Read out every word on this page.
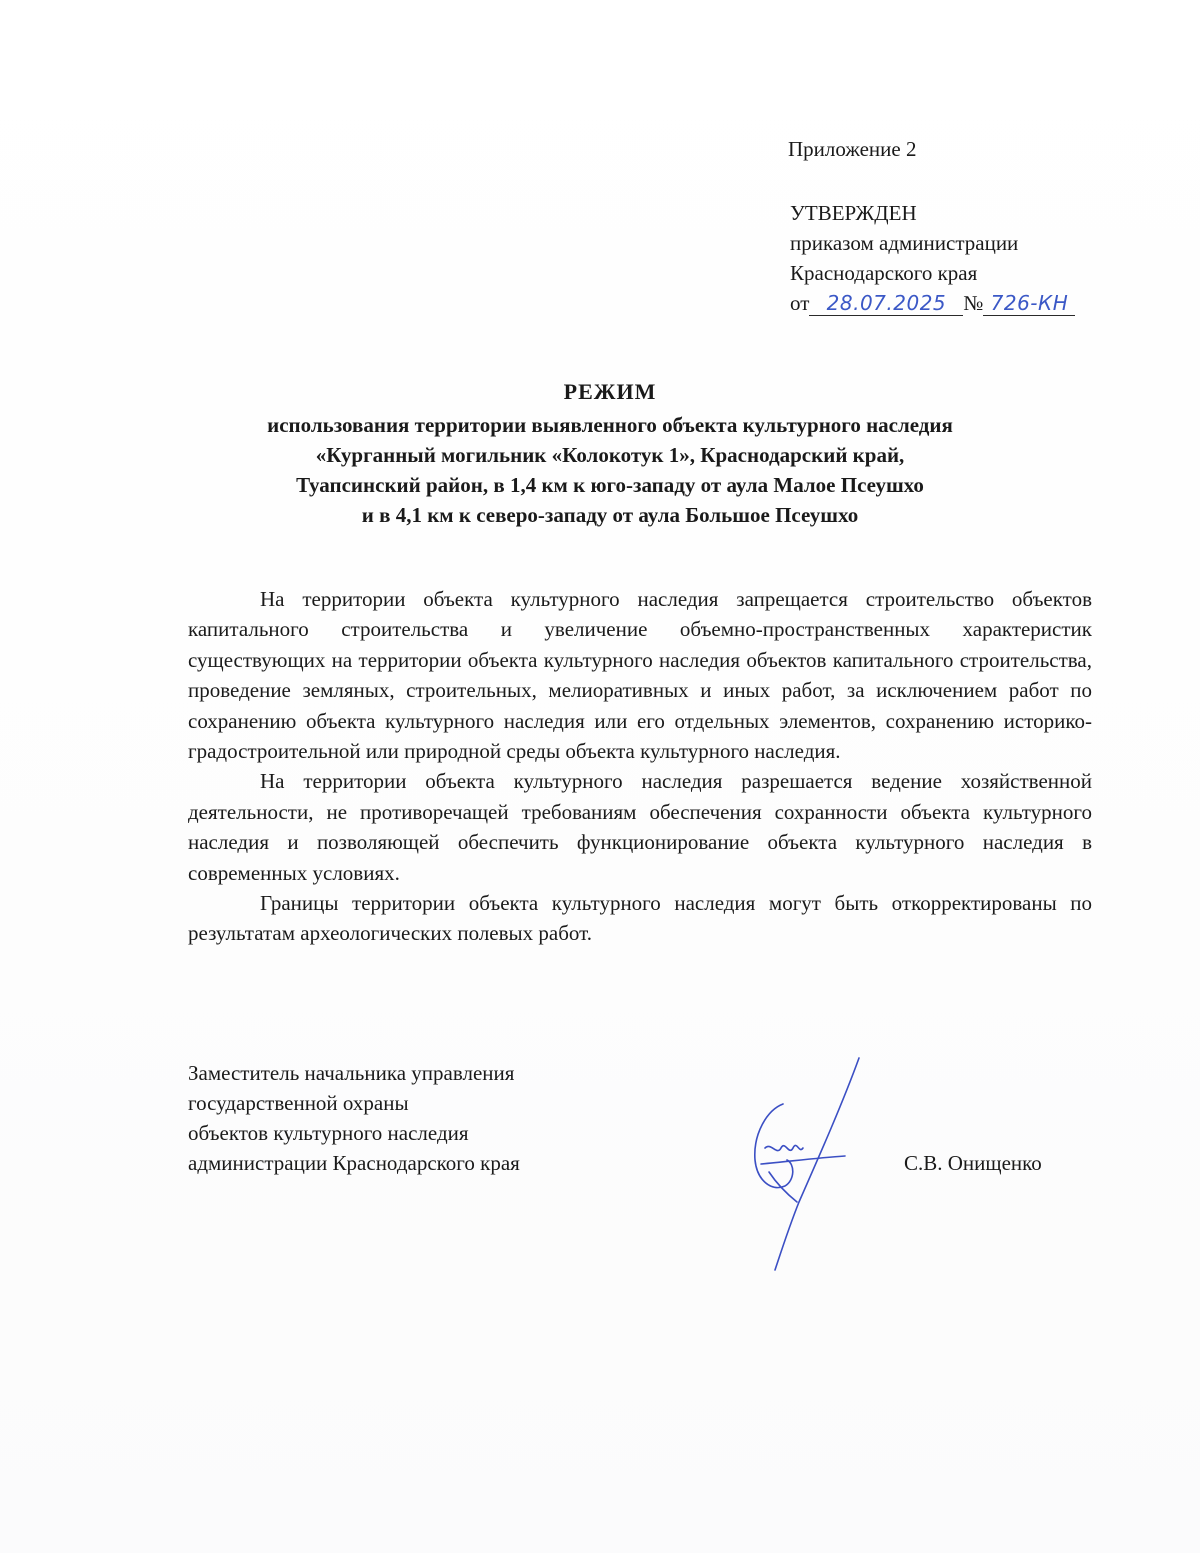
Приложение 2
УТВЕРЖДЕН
приказом администрации
Краснодарского края
от 28.07.2025 № 726-КН
РЕЖИМ
использования территории выявленного объекта культурного наследия
«Курганный могильник «Колокотук 1», Краснодарский край,
Туапсинский район, в 1,4 км к юго-западу от аула Малое Псеушхо
и в 4,1 км к северо-западу от аула Большое Псеушхо

На территории объекта культурного наследия запрещается строительство объектов капитального строительства и увеличение объемно-пространственных характеристик существующих на территории объекта культурного наследия объектов капитального строительства, проведение земляных, строительных, мелиоративных и иных работ, за исключением работ по сохранению объекта культурного наследия или его отдельных элементов, сохранению историко-градостроительной или природной среды объекта культурного наследия.

На территории объекта культурного наследия разрешается ведение хозяйственной деятельности, не противоречащей требованиям обеспечения сохранности объекта культурного наследия и позволяющей обеспечить функционирование объекта культурного наследия в современных условиях.

Границы территории объекта культурного наследия могут быть откорректированы по результатам археологических полевых работ.

Заместитель начальника управления
государственной охраны
объектов культурного наследия
администрации Краснодарского края	С.В. Онищенко
